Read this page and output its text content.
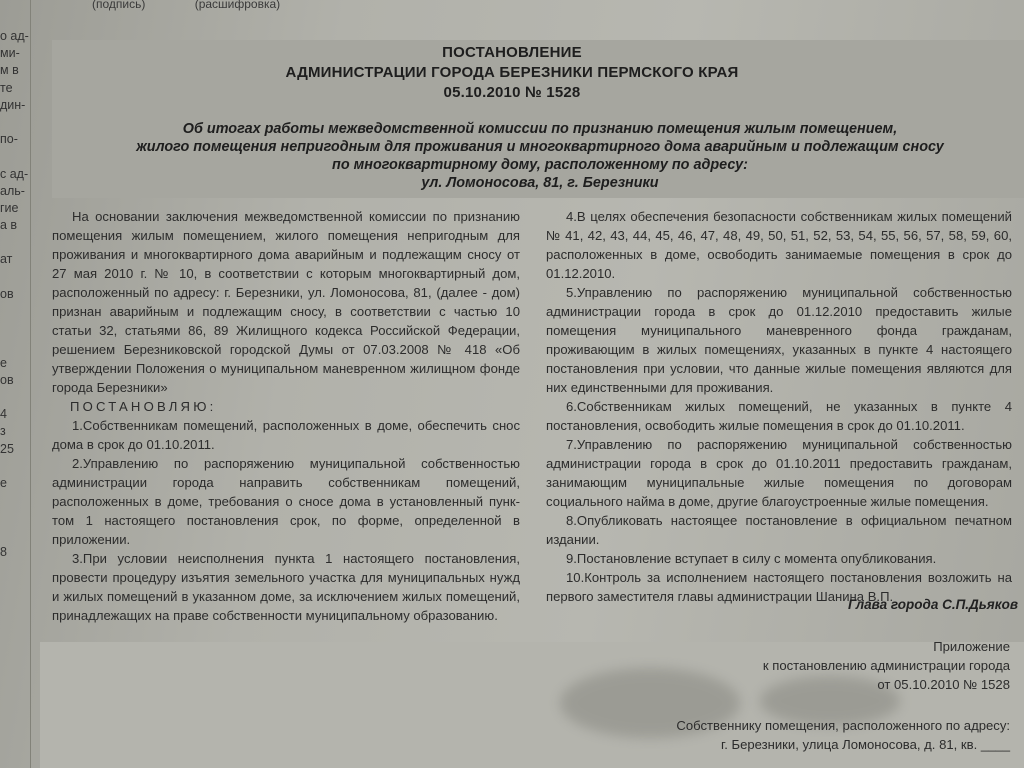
(подпись)	(расшифровка)
о ад-
ми-
м в
те
дин-
по-
с ад-
аль-
гие
а в
ат
ов
е
ов
4
з
25
е
8
ПОСТАНОВЛЕНИЕ
АДМИНИСТРАЦИИ ГОРОДА БЕРЕЗНИКИ ПЕРМСКОГО КРАЯ
05.10.2010 № 1528
Об итогах работы межведомственной комиссии по признанию помещения жилым помещением,
жилого помещения непригодным для проживания и многоквартирного дома аварийным и подлежащим сносу
по многоквартирному дому, расположенному по адресу:
ул. Ломоносова, 81, г. Березники

На основании заключения межведомственной комиссии по признанию помещения жилым помещением, жилого помещения непригодным для проживания и многоквартирного дома аварийным и подлежащим сносу от 27 мая 2010 г. № 10, в соответствии с которым многоквартирный дом, расположенный по адресу: г. Березники, ул. Ломоносова, 81, (далее - дом) признан аварийным и подлежащим сносу, в соответствии с частью 10 статьи 32, статьями 86, 89 Жилищного кодекса Российской Федерации, решением Березниковской городской Думы от 07.03.2008 № 418 «Об утверждении Положения о муниципальном маневренном жилищном фонде города Березники»

ПОСТАНОВЛЯЮ:

1.Собственникам помещений, расположенных в доме, обеспечить снос дома в срок до 01.10.2011.

2.Управлению по распоряжению муниципальной собственностью администрации города направить собственникам помещений, расположенных в доме, требования о сносе дома в установленный пунк- том 1 настоящего постановления срок, по форме, определенной в приложении.

3.При условии неисполнения пункта 1 настоящего постановления, провести процедуру изъятия земельного участка для муниципальных нужд и жилых помещений в указанном доме, за исключением жилых помещений, принадлежащих на праве собственности муниципальному образованию.

4.В целях обеспечения безопасности собственникам жилых помещений № 41, 42, 43, 44, 45, 46, 47, 48, 49, 50, 51, 52, 53, 54, 55, 56, 57, 58, 59, 60, расположенных в доме, освободить занимаемые помещения в срок до 01.12.2010.

5.Управлению по распоряжению муниципальной собственностью администрации города в срок до 01.12.2010 предоставить жилые помещения муниципального маневренного фонда гражданам, проживающим в жилых помещениях, указанных в пункте 4 настоящего постановления при условии, что данные жилые помещения являются для них единственными для проживания.

6.Собственникам жилых помещений, не указанных в пункте 4 постановления, освободить жилые помещения в срок до 01.10.2011.

7.Управлению по распоряжению муниципальной собственностью администрации города в срок до 01.10.2011 предоставить гражданам, занимающим муниципальные жилые помещения по договорам социального найма в доме, другие благоустроенные жилые помещения.

8.Опубликовать настоящее постановление в официальном печатном издании.

9.Постановление вступает в силу с момента опубликования.

10.Контроль за исполнением настоящего постановления возложить на первого заместителя главы администрации Шанина В.П.

Глава города С.П.Дьяков
Приложение
к постановлению администрации города
от 05.10.2010 № 1528
Собственнику помещения, расположенного по адресу:
г. Березники, улица Ломоносова, д. 81, кв. ____
